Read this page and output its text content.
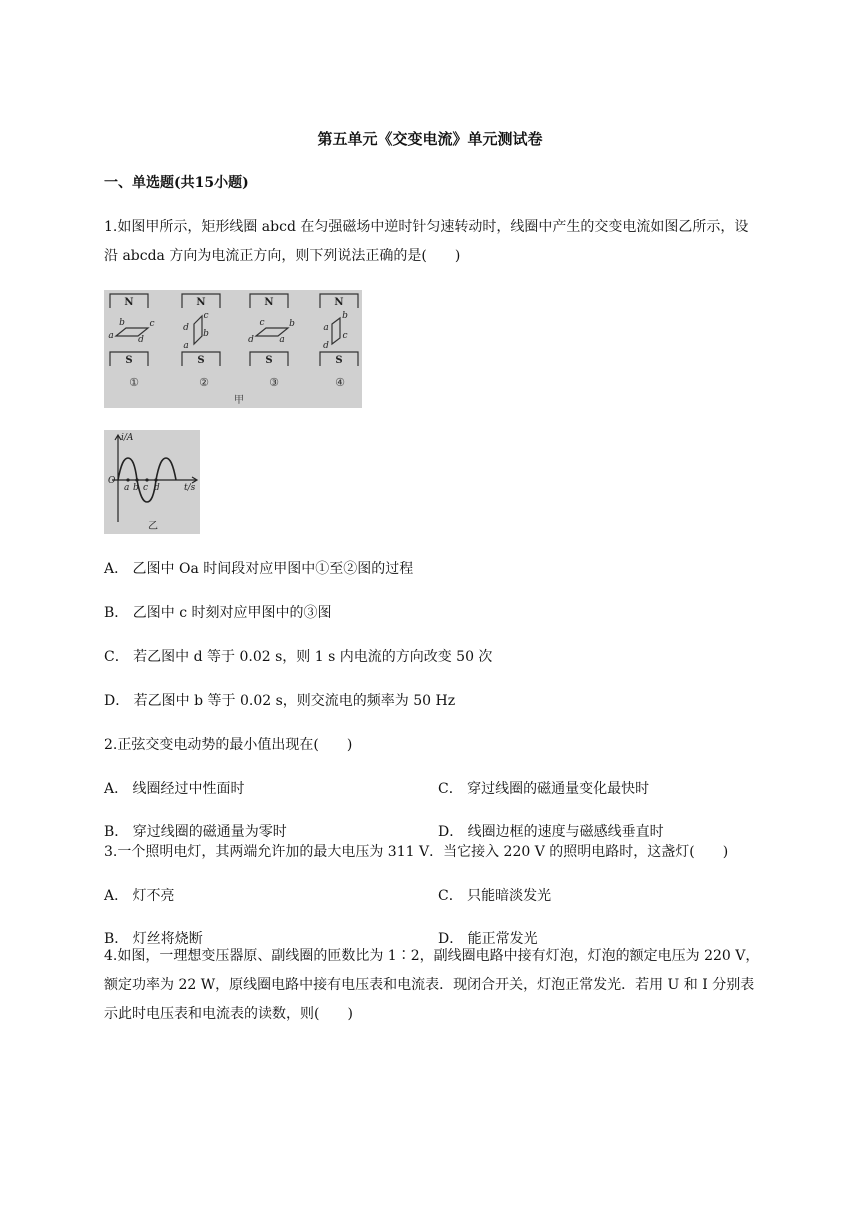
第五单元《交变电流》单元测试卷
一、单选题(共15小题)
1.如图甲所示，矩形线圈 abcd 在匀强磁场中逆时针匀速转动时，线圈中产生的交变电流如图乙所示，设沿 abcda 方向为电流正方向，则下列说法正确的是(　　)
N	N	N	N
S	S	S	S
a
b	c
d
a
d
b
c
d
c	b
a
a
d
b
c
①	②	③	④
甲
i/A
O
t/s
a b c d
乙
A． 乙图中 Oa 时间段对应甲图中①至②图的过程
B． 乙图中 c 时刻对应甲图中的③图
C． 若乙图中 d 等于 0.02 s，则 1 s 内电流的方向改变 50 次
D． 若乙图中 b 等于 0.02 s，则交流电的频率为 50 Hz
2.正弦交变电动势的最小值出现在(　　)
A． 线圈经过中性面时	C． 穿过线圈的磁通量变化最快时
B． 穿过线圈的磁通量为零时	D． 线圈边框的速度与磁感线垂直时
3.一个照明电灯，其两端允许加的最大电压为 311 V．当它接入 220 V 的照明电路时，这盏灯(　　)
A． 灯不亮	C． 只能暗淡发光
B． 灯丝将烧断	D． 能正常发光
4.如图，一理想变压器原、副线圈的匝数比为 1∶2，副线圈电路中接有灯泡，灯泡的额定电压为 220 V，额定功率为 22 W，原线圈电路中接有电压表和电流表．现闭合开关，灯泡正常发光．若用 U 和 I 分别表示此时电压表和电流表的读数，则(　　)
